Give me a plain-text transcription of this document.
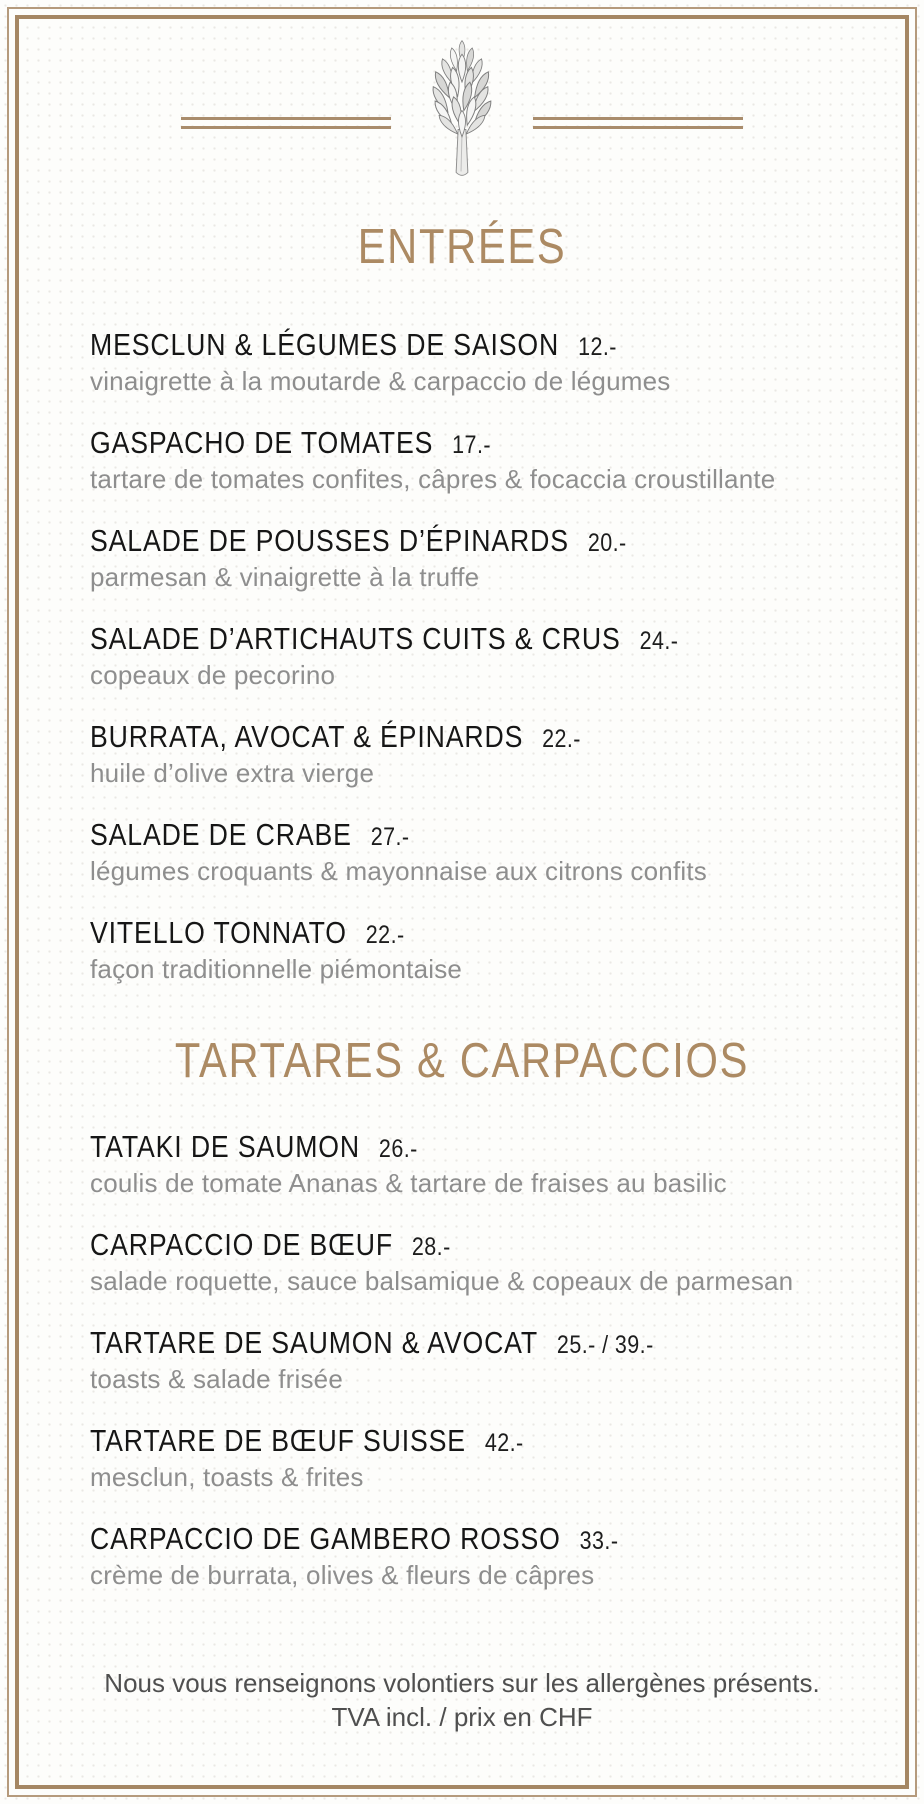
ENTRÉES
MESCLUN & LÉGUMES DE SAISON 12.-
vinaigrette à la moutarde & carpaccio de légumes
GASPACHO DE TOMATES 17.-
tartare de tomates confites, câpres & focaccia croustillante
SALADE DE POUSSES D’ÉPINARDS 20.-
parmesan & vinaigrette à la truffe
SALADE D’ARTICHAUTS CUITS & CRUS 24.-
copeaux de pecorino
BURRATA, AVOCAT & ÉPINARDS 22.-
huile d’olive extra vierge
SALADE DE CRABE 27.-
légumes croquants & mayonnaise aux citrons confits
VITELLO TONNATO 22.-
façon traditionnelle piémontaise
TARTARES & CARPACCIOS
TATAKI DE SAUMON 26.-
coulis de tomate Ananas & tartare de fraises au basilic
CARPACCIO DE BŒUF 28.-
salade roquette, sauce balsamique & copeaux de parmesan
TARTARE DE SAUMON & AVOCAT 25.- / 39.-
toasts & salade frisée
TARTARE DE BŒUF SUISSE 42.-
mesclun, toasts & frites
CARPACCIO DE GAMBERO ROSSO 33.-
crème de burrata, olives & fleurs de câpres
Nous vous renseignons volontiers sur les allergènes présents.
TVA incl. / prix en CHF
